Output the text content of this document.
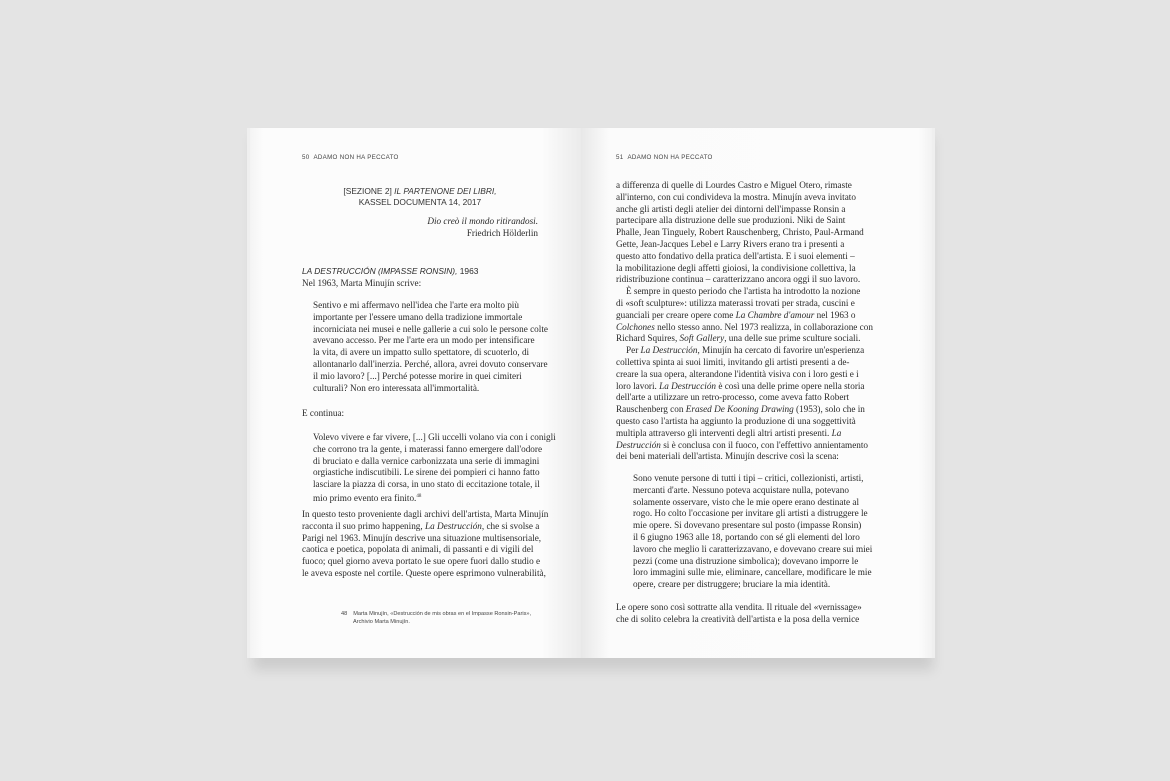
50 ADAMO NON HA PECCATO
[SEZIONE 2] IL PARTENONE DEI LIBRI,
KASSEL DOCUMENTA 14, 2017
Dio creò il mondo ritirandosi.
Friedrich Hölderlin
LA DESTRUCCIÓN (IMPASSE RONSIN), 1963
Nel 1963, Marta Minujín scrive:
Sentivo e mi affermavo nell'idea che l'arte era molto più
importante per l'essere umano della tradizione immortale
incorniciata nei musei e nelle gallerie a cui solo le persone colte
avevano accesso. Per me l'arte era un modo per intensificare
la vita, di avere un impatto sullo spettatore, di scuoterlo, di
allontanarlo dall'inerzia. Perché, allora, avrei dovuto conservare
il mio lavoro? [...] Perché potesse morire in quei cimiteri
culturali? Non ero interessata all'immortalità.
E continua:
Volevo vivere e far vivere, [...] Gli uccelli volano via con i conigli
che corrono tra la gente, i materassi fanno emergere dall'odore
di bruciato e dalla vernice carbonizzata una serie di immagini
orgiastiche indiscutibili. Le sirene dei pompieri ci hanno fatto
lasciare la piazza di corsa, in uno stato di eccitazione totale, il
mio primo evento era finito.$^{48}$
In questo testo proveniente dagli archivi dell'artista, Marta Minujín
racconta il suo primo happening, La Destrucción, che si svolse a
Parigi nel 1963. Minujín descrive una situazione multisensoriale,
caotica e poetica, popolata di animali, di passanti e di vigili del
fuoco; quel giorno aveva portato le sue opere fuori dallo studio e
le aveva esposte nel cortile. Queste opere esprimono vulnerabilità,
48 Marta Minujín, «Destrucción de mis obras en el Impasse Ronsin-Paris»,
Archivio Marta Minujín.
51 ADAMO NON HA PECCATO
a differenza di quelle di Lourdes Castro e Miguel Otero, rimaste
all'interno, con cui condivideva la mostra. Minujín aveva invitato
anche gli artisti degli atelier dei dintorni dell'impasse Ronsin a
partecipare alla distruzione delle sue produzioni. Niki de Saint
Phalle, Jean Tinguely, Robert Rauschenberg, Christo, Paul-Armand
Gette, Jean-Jacques Lebel e Larry Rivers erano tra i presenti a
questo atto fondativo della pratica dell'artista. E i suoi elementi –
la mobilitazione degli affetti gioiosi, la condivisione collettiva, la
ridistribuzione continua – caratterizzano ancora oggi il suo lavoro.
È sempre in questo periodo che l'artista ha introdotto la nozione
di «soft sculpture»: utilizza materassi trovati per strada, cuscini e
guanciali per creare opere come La Chambre d'amour nel 1963 o
Colchones nello stesso anno. Nel 1973 realizza, in collaborazione con
Richard Squires, Soft Gallery, una delle sue prime sculture sociali.
Per La Destrucción, Minujín ha cercato di favorire un'esperienza
collettiva spinta ai suoi limiti, invitando gli artisti presenti a de-
creare la sua opera, alterandone l'identità visiva con i loro gesti e i
loro lavori. La Destrucción è così una delle prime opere nella storia
dell'arte a utilizzare un retro-processo, come aveva fatto Robert
Rauschenberg con Erased De Kooning Drawing (1953), solo che in
questo caso l'artista ha aggiunto la produzione di una soggettività
multipla attraverso gli interventi degli altri artisti presenti. La
Destrucción si è conclusa con il fuoco, con l'effettivo annientamento
dei beni materiali dell'artista. Minujín descrive così la scena:
Sono venute persone di tutti i tipi – critici, collezionisti, artisti,
mercanti d'arte. Nessuno poteva acquistare nulla, potevano
solamente osservare, visto che le mie opere erano destinate al
rogo. Ho colto l'occasione per invitare gli artisti a distruggere le
mie opere. Si dovevano presentare sul posto (impasse Ronsin)
il 6 giugno 1963 alle 18, portando con sé gli elementi del loro
lavoro che meglio li caratterizzavano, e dovevano creare sui miei
pezzi (come una distruzione simbolica); dovevano imporre le
loro immagini sulle mie, eliminare, cancellare, modificare le mie
opere, creare per distruggere; bruciare la mia identità.
Le opere sono così sottratte alla vendita. Il rituale del «vernissage»
che di solito celebra la creatività dell'artista e la posa della vernice
